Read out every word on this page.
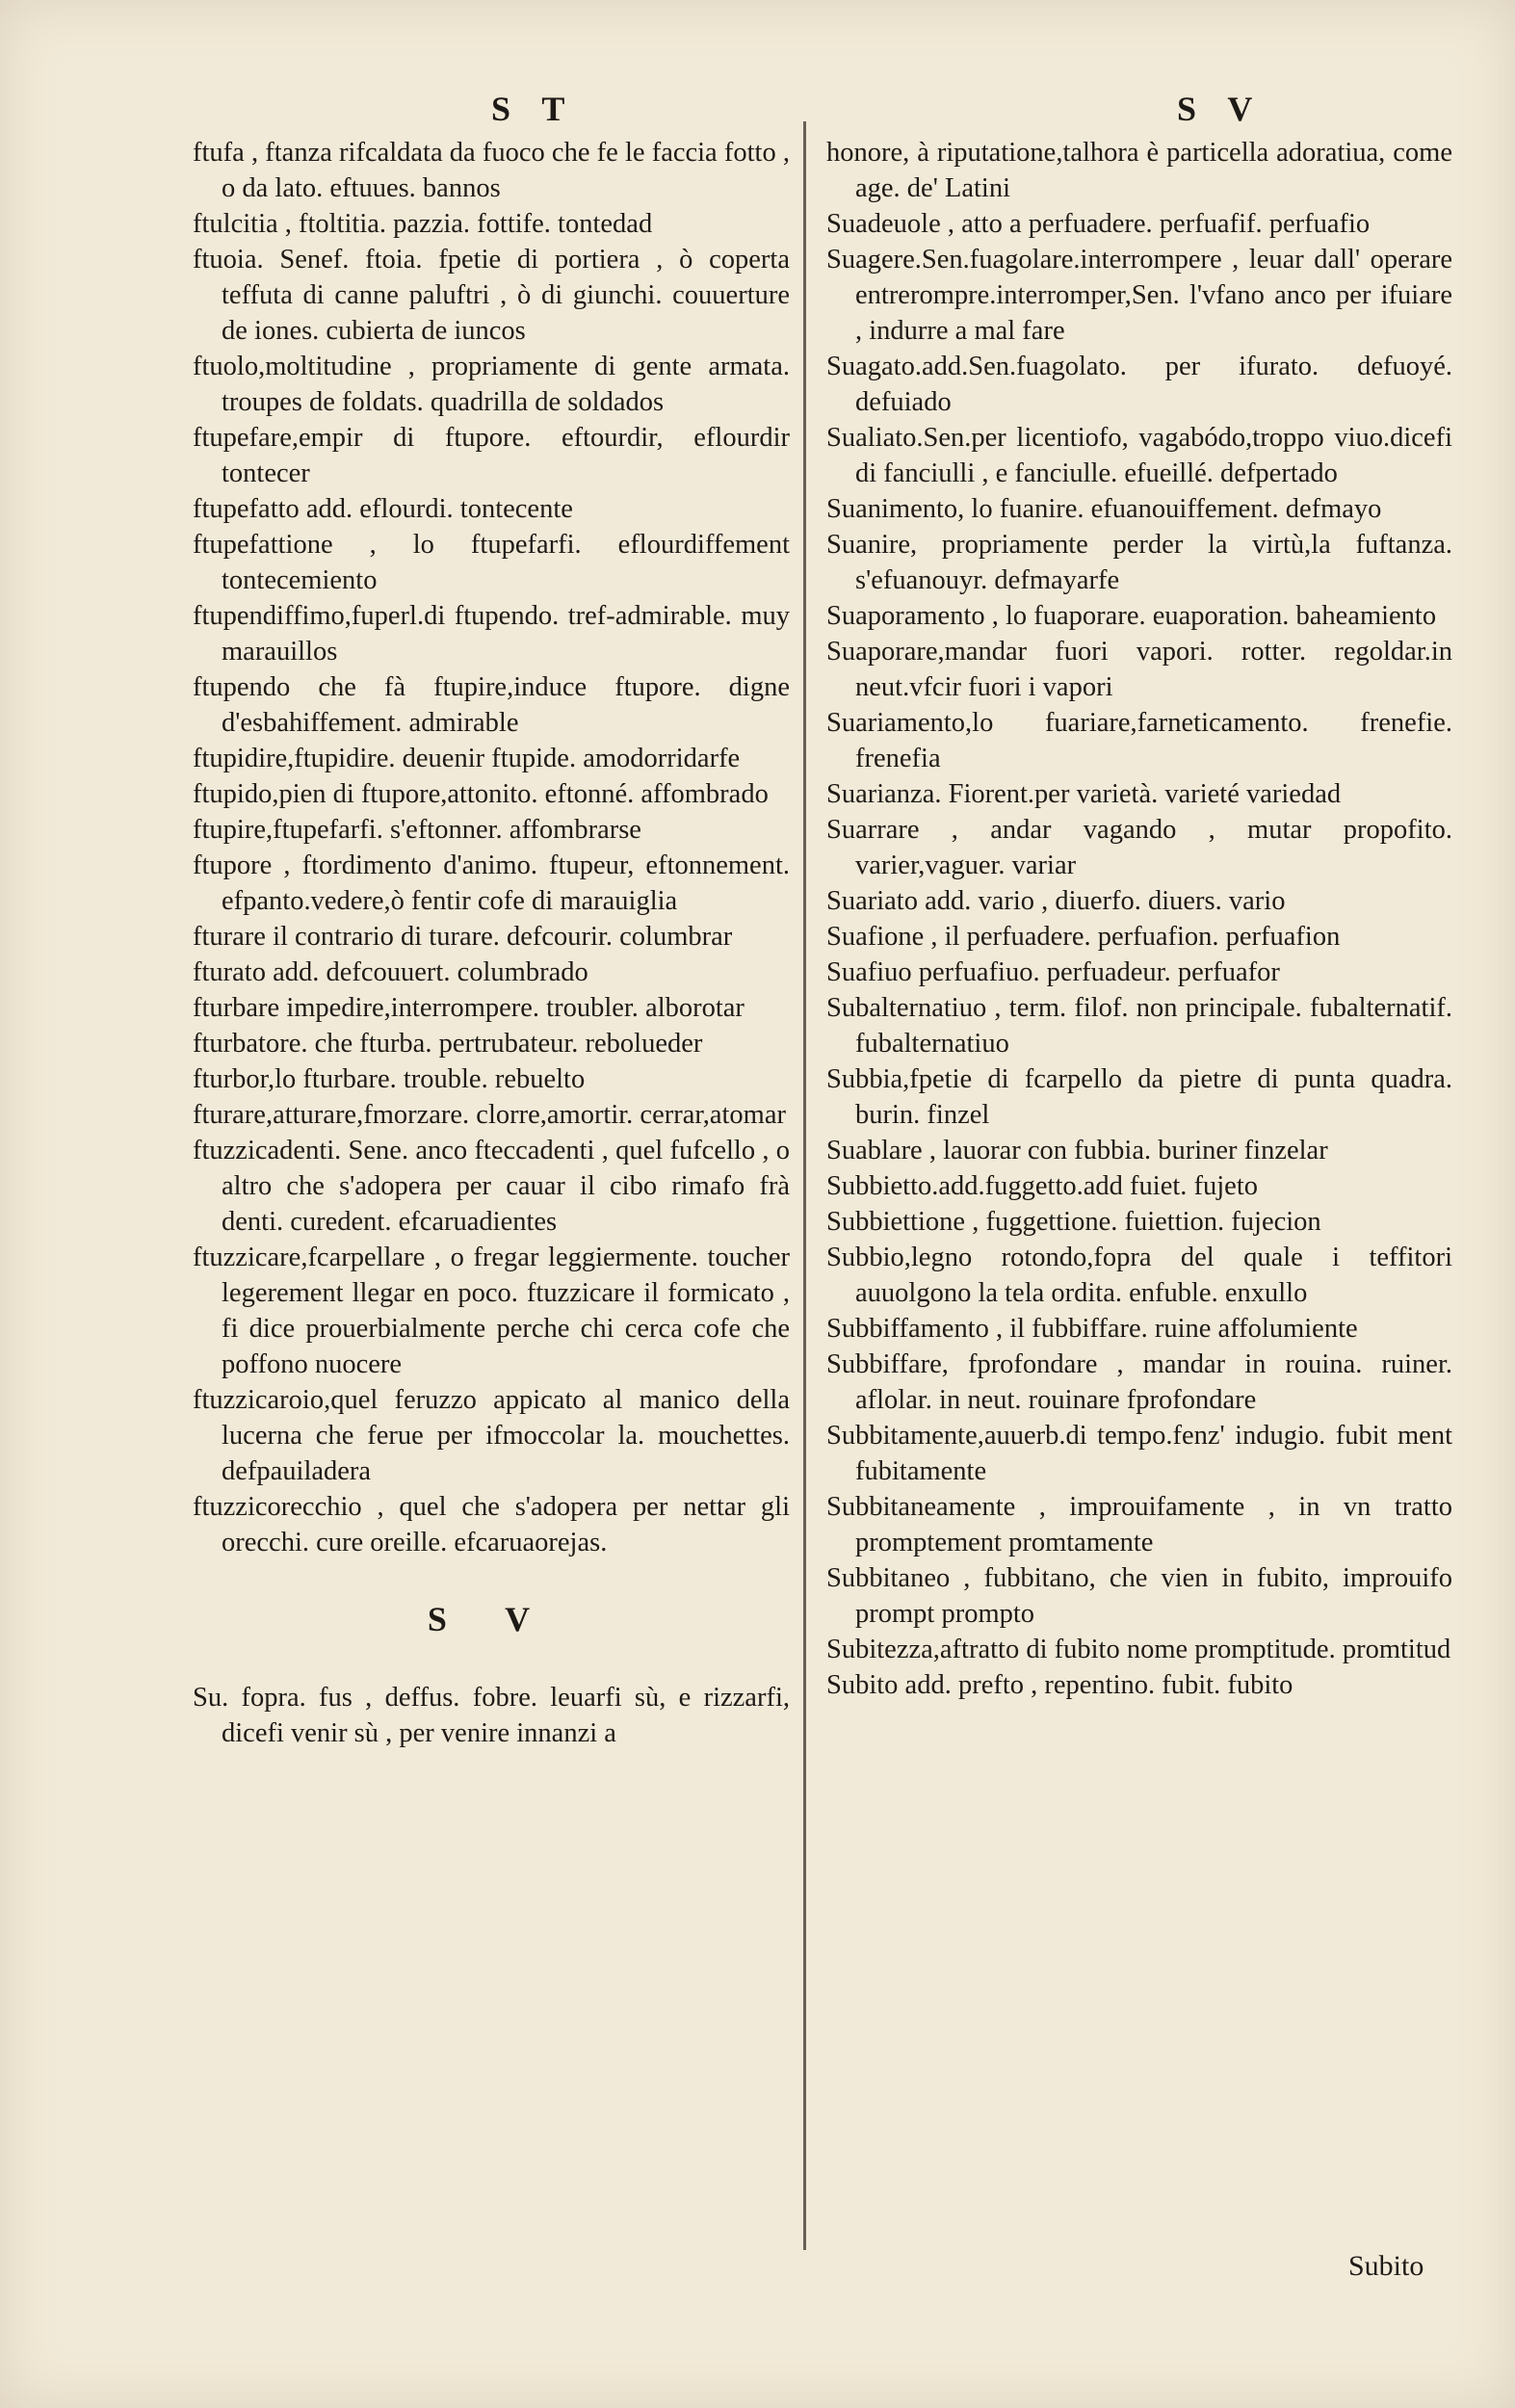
S T	S V

ftufa , ftanza rifcaldata da fuoco che fe le faccia fotto , o da lato. eftuues. bannos

ftulcitia , ftoltitia. pazzia. fottife. tontedad

ftuoia. Senef. ftoia. fpetie di portiera , ò coperta teffuta di canne paluftri , ò di giunchi. couuerture de iones. cubierta de iuncos

ftuolo,moltitudine , propriamente di gente armata. troupes de foldats. quadrilla de soldados

ftupefare,empir di ftupore. eftourdir, eflourdir tontecer

ftupefatto add. eflourdi. tontecente

ftupefattione , lo ftupefarfi. eflourdiffement tontecemiento

ftupendiffimo,fuperl.di ftupendo. tref-admirable. muy marauillos

ftupendo che fà ftupire,induce ftupore. digne d'esbahiffement. admirable

ftupidire,ftupidire. deuenir ftupide. amodorridarfe

ftupido,pien di ftupore,attonito. eftonné. affombrado

ftupire,ftupefarfi. s'eftonner. affombrarse

ftupore , ftordimento d'animo. ftupeur, eftonnement. efpanto.vedere,ò fentir cofe di marauiglia

fturare il contrario di turare. defcourir. columbrar

fturato add. defcouuert. columbrado

fturbare impedire,interrompere. troubler. alborotar

fturbatore. che fturba. pertrubateur. rebolueder

fturbor,lo fturbare. trouble. rebuelto

fturare,atturare,fmorzare. clorre,amortir. cerrar,atomar

ftuzzicadenti. Sene. anco fteccadenti , quel fufcello , o altro che s'adopera per cauar il cibo rimafo frà denti. curedent. efcaruadientes

ftuzzicare,fcarpellare , o fregar leggiermente. toucher legerement llegar en poco. ftuzzicare il formicato , fi dice prouerbialmente perche chi cerca cofe che poffono nuocere

ftuzzicaroio,quel feruzzo appicato al manico della lucerna che ferue per ifmoccolar la. mouchettes. defpauiladera

ftuzzicorecchio , quel che s'adopera per nettar gli orecchi. cure oreille. efcaruaorejas.

S V

Su. fopra. fus , deffus. fobre. leuarfi sù, e rizzarfi, dicefi venir sù , per venire innanzi a

honore, à riputatione,talhora è particella adoratiua, come age. de' Latini

Suadeuole , atto a perfuadere. perfuafif. perfuafio

Suagere.Sen.fuagolare.interrompere , leuar dall' operare entrerompre.interromper,Sen. l'vfano anco per ifuiare , indurre a mal fare

Suagato.add.Sen.fuagolato. per ifurato. defuoyé. defuiado

Sualiato.Sen.per licentiofo, vagabódo,troppo viuo.dicefi di fanciulli , e fanciulle. efueillé. defpertado

Suanimento, lo fuanire. efuanouiffement. defmayo

Suanire, propriamente perder la virtù,la fuftanza. s'efuanouyr. defmayarfe

Suaporamento , lo fuaporare. euaporation. baheamiento

Suaporare,mandar fuori vapori. rotter. regoldar.in neut.vfcir fuori i vapori

Suariamento,lo fuariare,farneticamento. frenefie. frenefia

Suarianza. Fiorent.per varietà. varieté variedad

Suarrare , andar vagando , mutar propofito. varier,vaguer. variar

Suariato add. vario , diuerfo. diuers. vario

Suafione , il perfuadere. perfuafion. perfuafion

Suafiuo perfuafiuo. perfuadeur. perfuafor

Subalternatiuo , term. filof. non principale. fubalternatif. fubalternatiuo

Subbia,fpetie di fcarpello da pietre di punta quadra. burin. finzel

Suablare , lauorar con fubbia. buriner finzelar

Subbietto.add.fuggetto.add fuiet. fujeto

Subbiettione , fuggettione. fuiettion. fujecion

Subbio,legno rotondo,fopra del quale i teffitori auuolgono la tela ordita. enfuble. enxullo

Subbiffamento , il fubbiffare. ruine affolumiente

Subbiffare, fprofondare , mandar in rouina. ruiner. aflolar. in neut. rouinare fprofondare

Subbitamente,auuerb.di tempo.fenz' indugio. fubit ment fubitamente

Subbitaneamente , improuifamente , in vn tratto promptement promtamente

Subbitaneo , fubbitano, che vien in fubito, improuifo prompt prompto

Subitezza,aftratto di fubito nome promptitude. promtitud

Subito add. prefto , repentino. fubit. fubito

Subito
